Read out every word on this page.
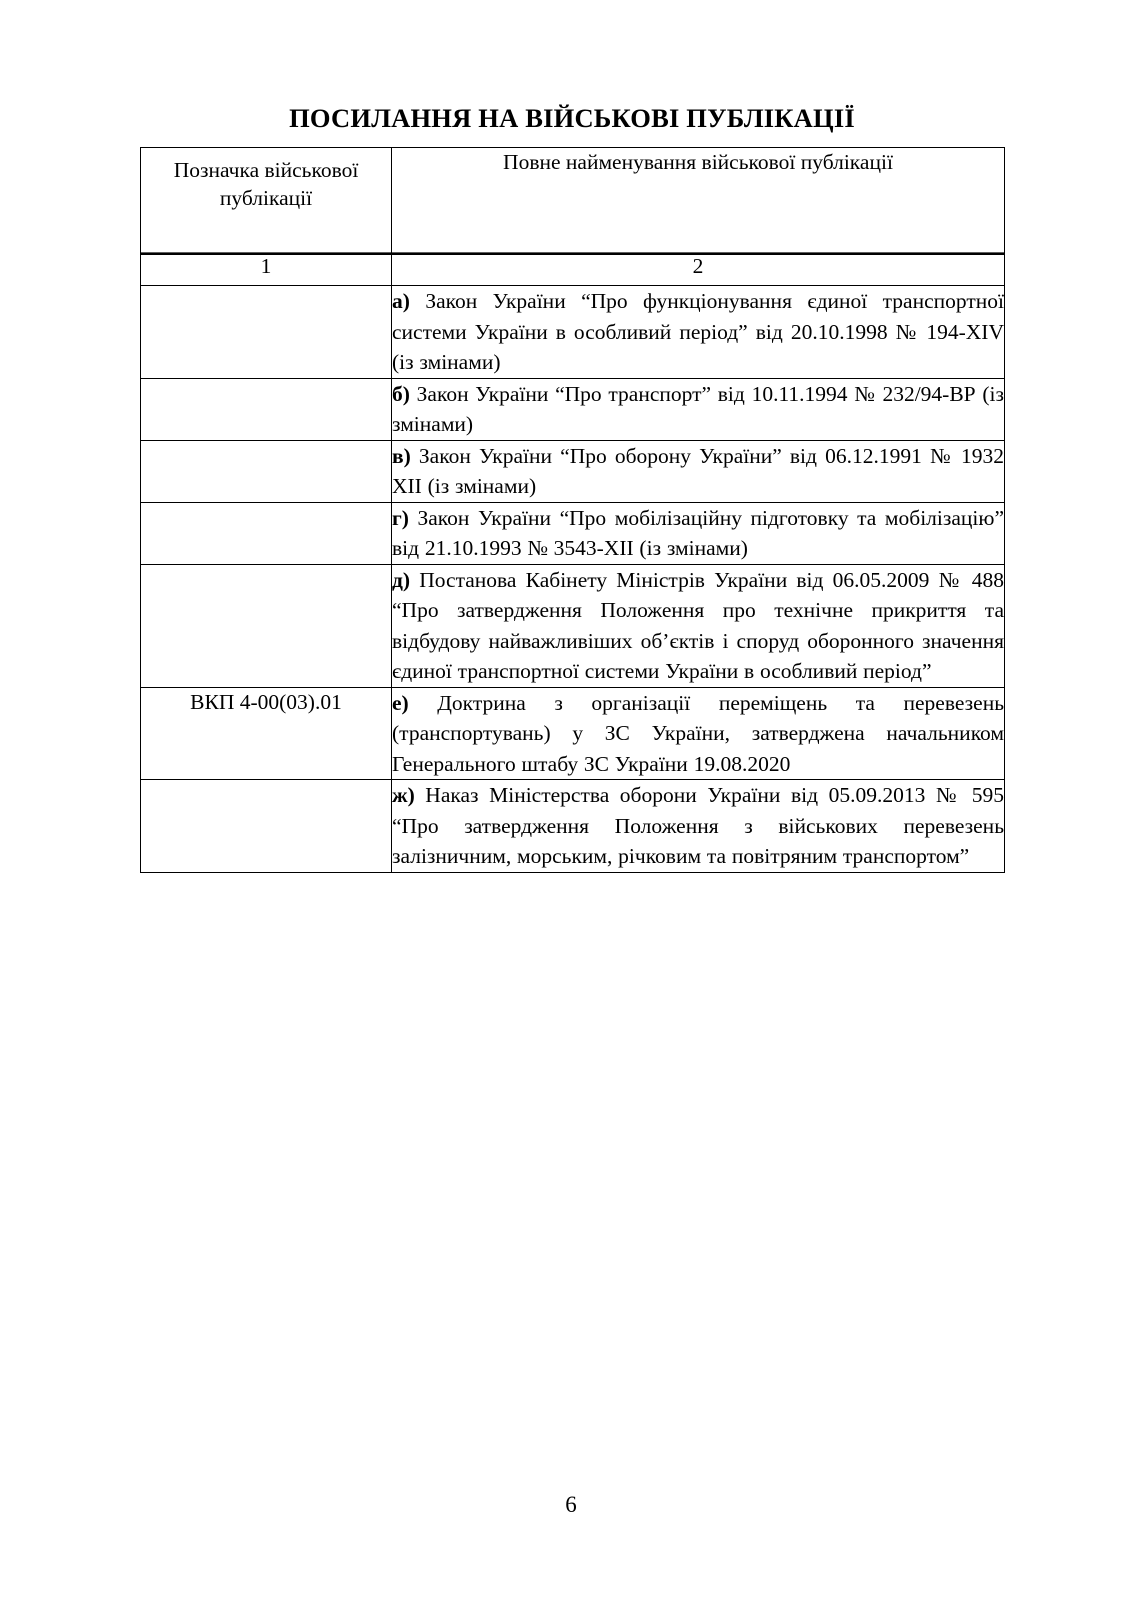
ПОСИЛАННЯ НА ВІЙСЬКОВІ ПУБЛІКАЦІЇ
Позначка військової публікації	Повне найменування військової публікації
1	2
	а) Закон України “Про функціонування єдиної транспортної системи України в особливий період” від 20.10.1998 № 194-XIV (із змінами)
	б) Закон України “Про транспорт” від 10.11.1994 № 232/94-ВР (із змінами)
	в) Закон України “Про оборону України” від 06.12.1991 № 1932 ХII (із змінами)
	г) Закон України “Про мобілізаційну підготовку та мобілізацію” від 21.10.1993 № 3543-XII (із змінами)
	д) Постанова Кабінету Міністрів України від 06.05.2009 № 488 “Про затвердження Положення про технічне прикриття та відбудову найважливіших об’єктів і споруд оборонного значення єдиної транспортної системи України в особливий період”
ВКП 4-00(03).01	е) Доктрина з організації переміщень та перевезень (транспортувань) у ЗС України, затверджена начальником Генерального штабу ЗС України 19.08.2020
	ж) Наказ Міністерства оборони України від 05.09.2013 № 595 “Про затвердження Положення з військових перевезень залізничним, морським, річковим та повітряним транспортом”
6
